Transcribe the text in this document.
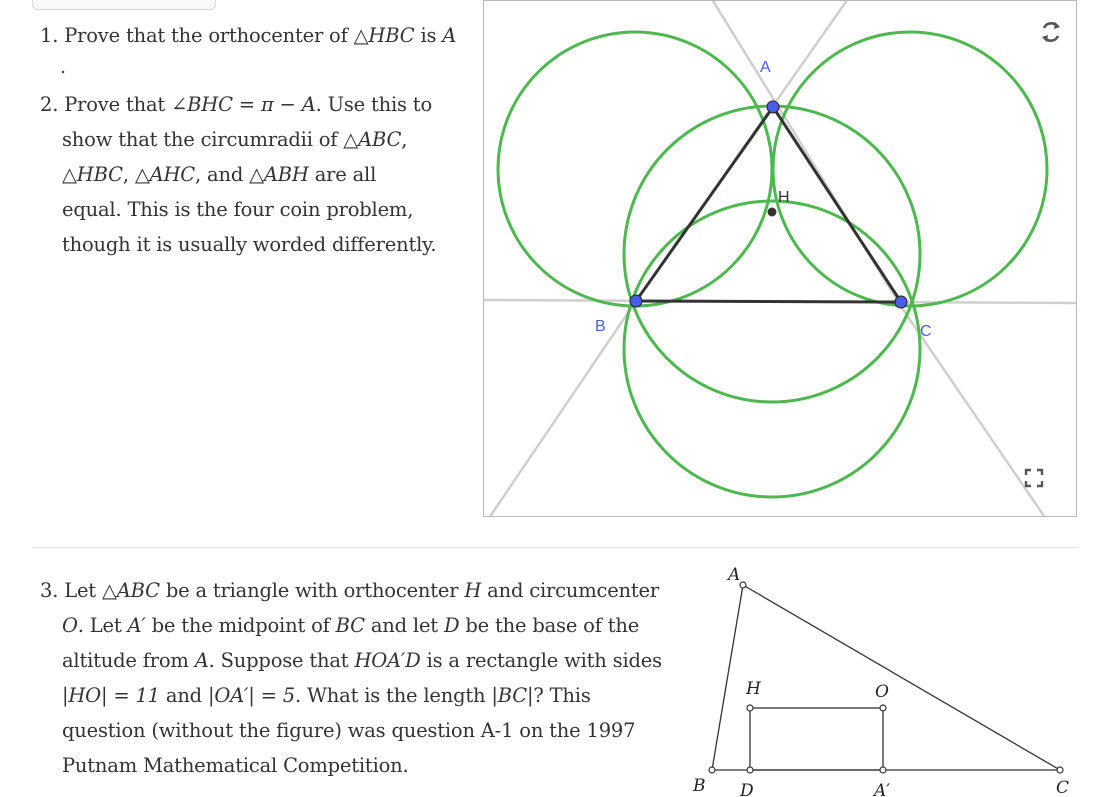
1. Prove that the orthocenter of △HBC is A
.
2. Prove that ∠BHC = π − A. Use this to
show that the circumradii of △ABC,
△HBC, △AHC, and △ABH are all
equal. This is the four coin problem,
though it is usually worded differently.
A
H
B	C
3. Let △ABC be a triangle with orthocenter H and circumcenter
O. Let A′ be the midpoint of BC and let D be the base of the
altitude from A. Suppose that HOA′D is a rectangle with sides
|HO| = 11 and |OA′| = 5. What is the length |BC|? This
question (without the figure) was question A-1 on the 1997
Putnam Mathematical Competition.
A
B	C
H	O
D	A′
